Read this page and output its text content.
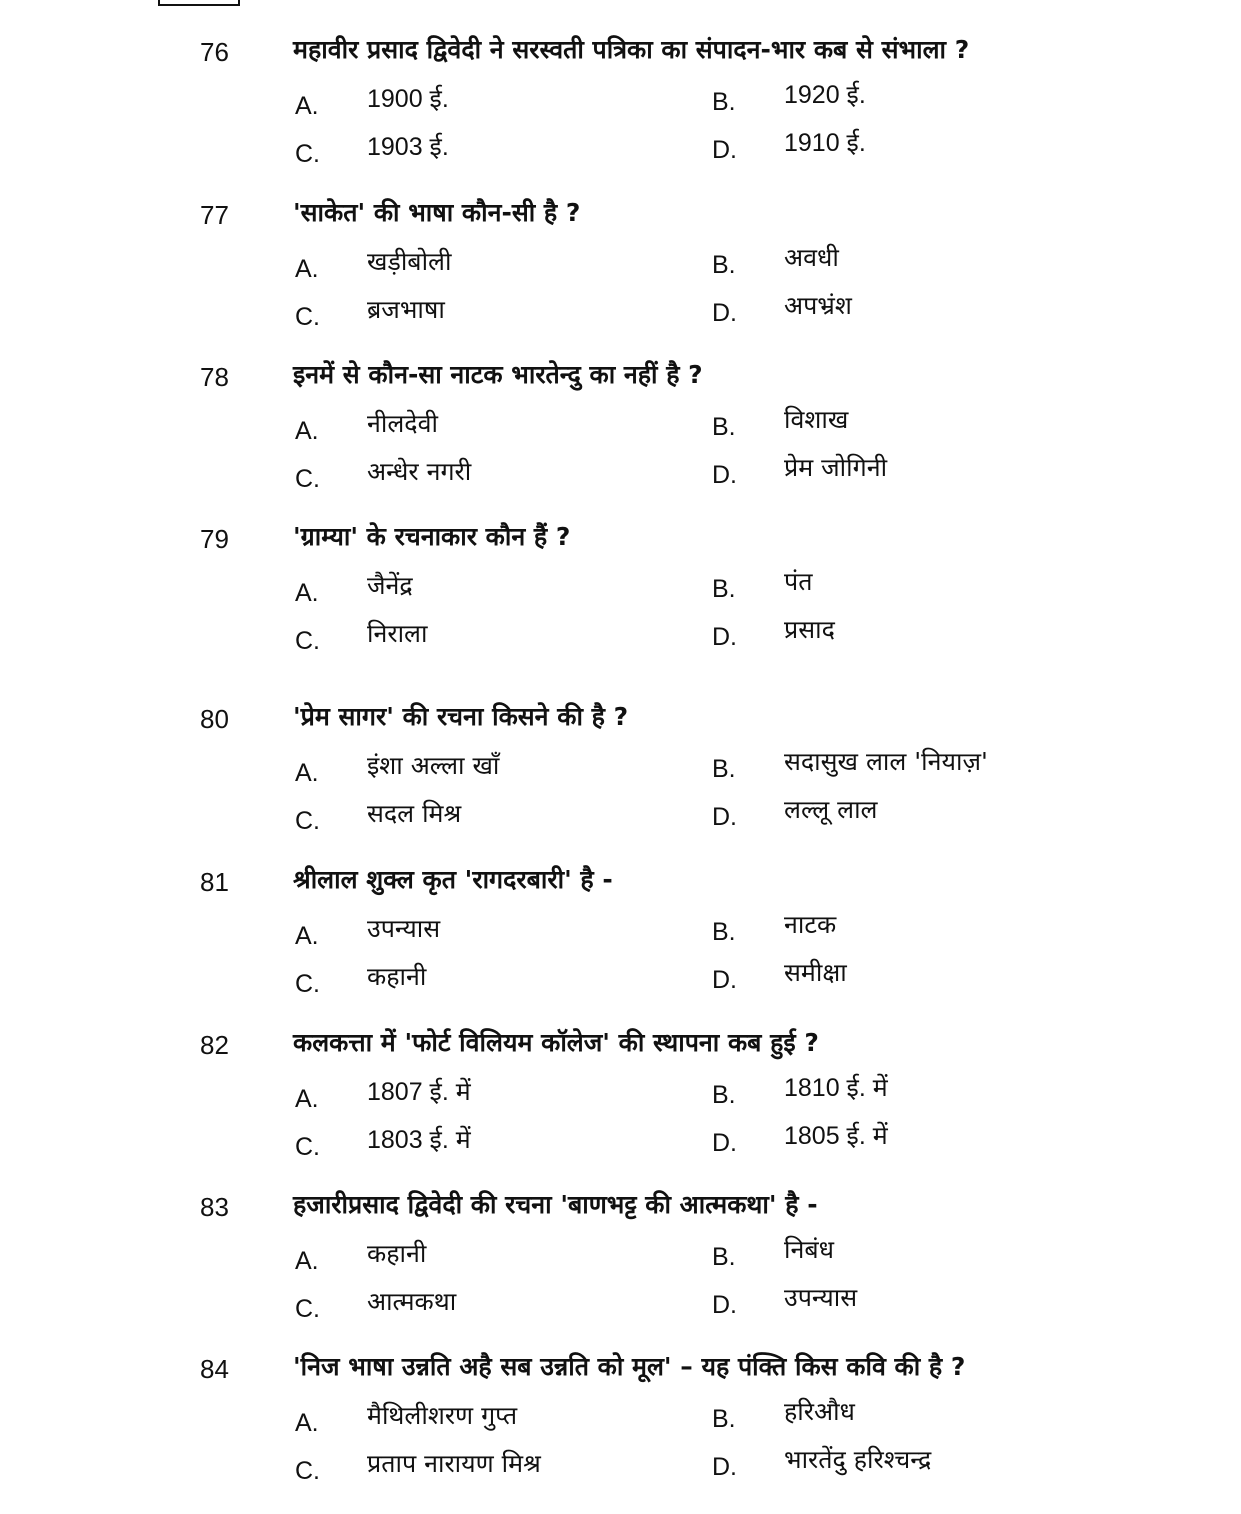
76	महावीर प्रसाद द्विवेदी ने सरस्वती पत्रिका का संपादन-भार कब से संभाला ?
A. 1900 ई.	B. 1920 ई.
C. 1903 ई.	D. 1910 ई.
77	'साकेत' की भाषा कौन-सी है ?
A. खड़ीबोली	B. अवधी
C. ब्रजभाषा	D. अपभ्रंश
78	इनमें से कौन-सा नाटक भारतेन्दु का नहीं है ?
A. नीलदेवी	B. विशाख
C. अन्धेर नगरी	D. प्रेम जोगिनी
79	'ग्राम्या' के रचनाकार कौन हैं ?
A. जैनेंद्र	B. पंत
C. निराला	D. प्रसाद
80	'प्रेम सागर' की रचना किसने की है ?
A. इंशा अल्ला खाँ	B. सदासुख लाल 'नियाज़'
C. सदल मिश्र	D. लल्लू लाल
81	श्रीलाल शुक्ल कृत 'रागदरबारी' है -
A. उपन्यास	B. नाटक
C. कहानी	D. समीक्षा
82	कलकत्ता में 'फोर्ट विलियम कॉलेज' की स्थापना कब हुई ?
A. 1807 ई. में	B. 1810 ई. में
C. 1803 ई. में	D. 1805 ई. में
83	हजारीप्रसाद द्विवेदी की रचना 'बाणभट्ट की आत्मकथा' है -
A. कहानी	B. निबंध
C. आत्मकथा	D. उपन्यास
84	'निज भाषा उन्नति अहै सब उन्नति को मूल' – यह पंक्ति किस कवि की है ?
A. मैथिलीशरण गुप्त	B. हरिऔध
C. प्रताप नारायण मिश्र	D. भारतेंदु हरिश्चन्द्र
